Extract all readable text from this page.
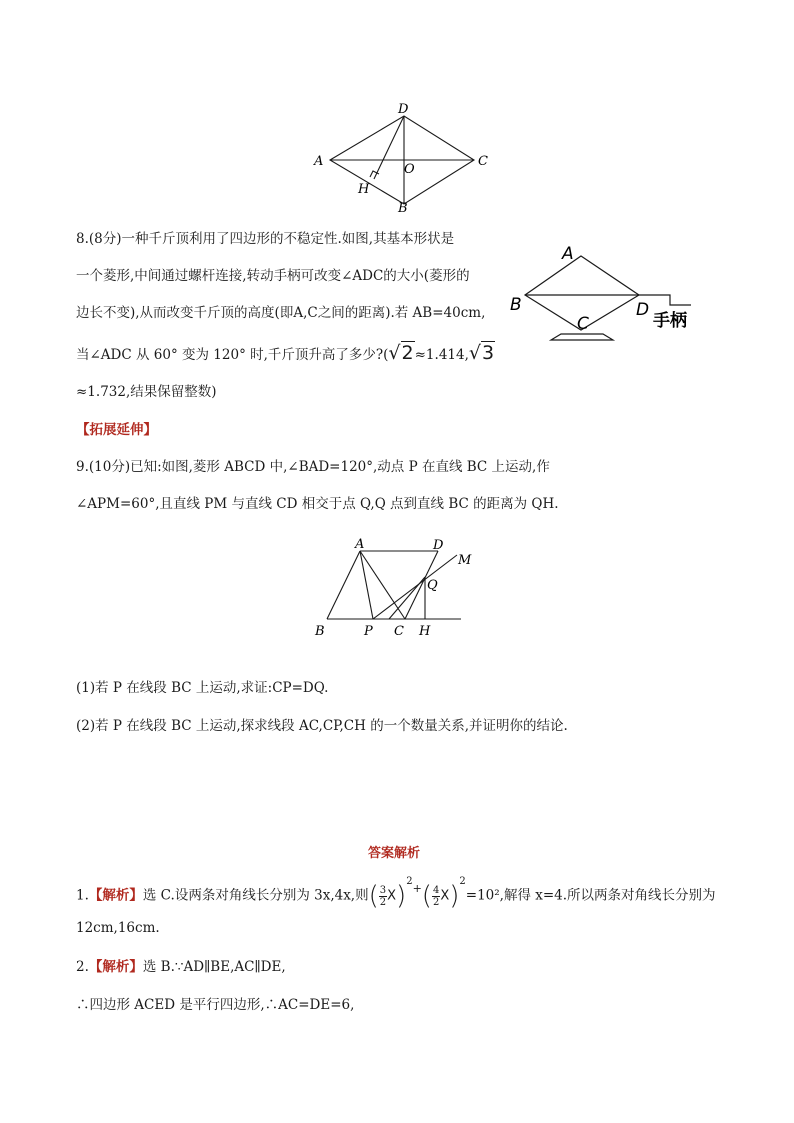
D
A	C
O
H
B
8.(8分)一种千斤顶利用了四边形的不稳定性.如图,其基本形状是
一个菱形,中间通过螺杆连接,转动手柄可改变∠ADC的大小(菱形的
边长不变),从而改变千斤顶的高度(即A,C之间的距离).若 AB=40cm,
当∠ADC 从 60° 变为 120° 时,千斤顶升高了多少?(√2≈1.414,√3
≈1.732,结果保留整数)
A
B
C
D
手柄
【拓展延伸】
9.(10分)已知:如图,菱形 ABCD 中,∠BAD=120°,动点 P 在直线 BC 上运动,作
∠APM=60°,且直线 PM 与直线 CD 相交于点 Q,Q 点到直线 BC 的距离为 QH.
A	D
M
Q
B	P C H
(1)若 P 在线段 BC 上运动,求证:CP=DQ.
(2)若 P 在线段 BC 上运动,探求线段 AC,CP,CH 的一个数量关系,并证明你的结论.
答案解析
1.【解析】选 C.设两条对角线长分别为 3x,4x,则( $\frac{3}{2} X)^{2+}( \frac{4}{2} X)^2=10^2$,解得 x=4.所以两条对角线长分别为
12cm,16cm.
2.【解析】选 B.∵AD∥BE,AC∥DE,
∴四边形 ACED 是平行四边形,∴AC=DE=6,
